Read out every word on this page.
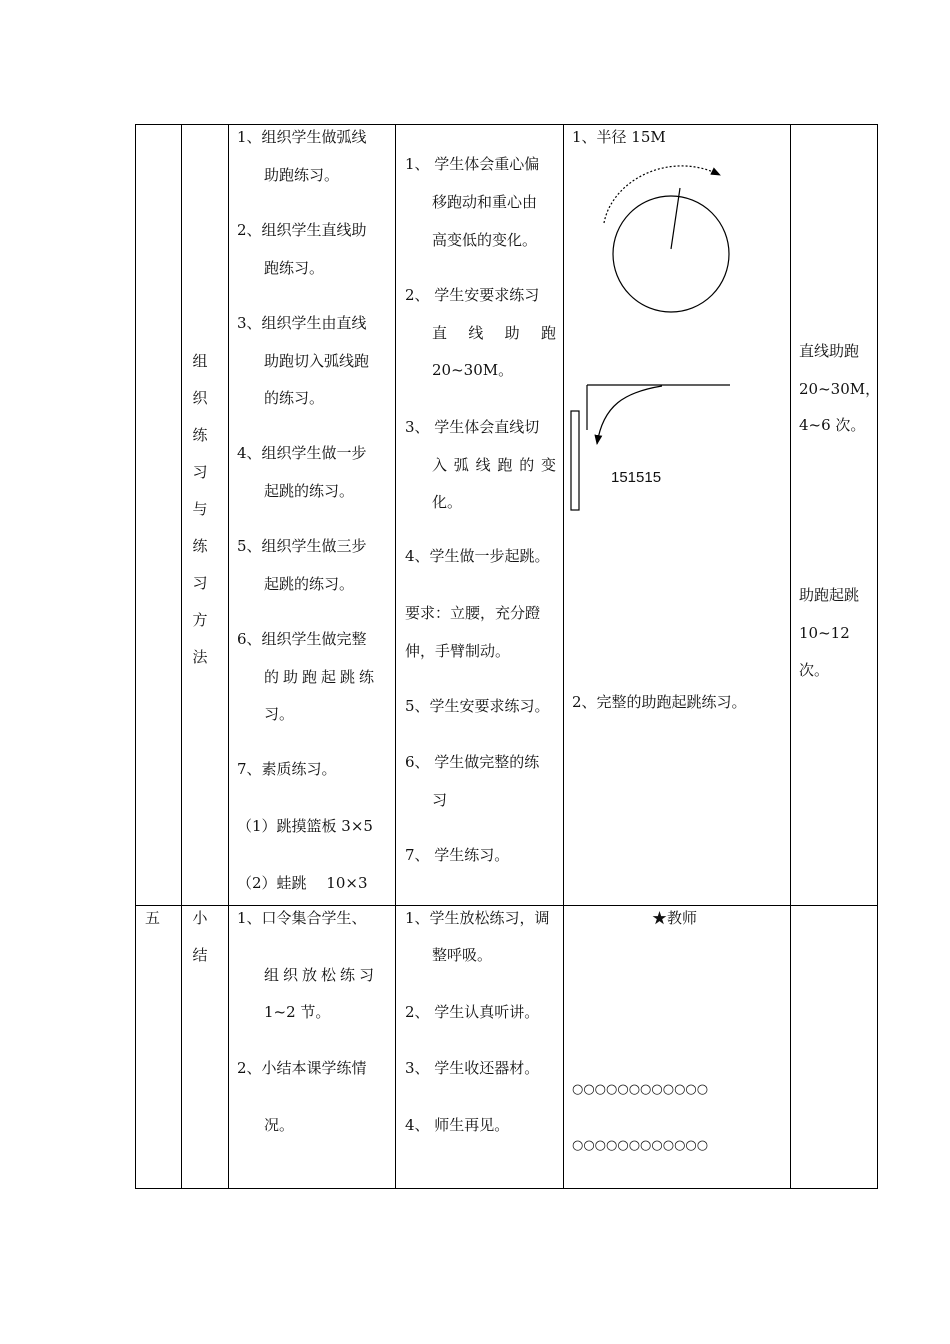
组
织
练
习
与
练
习
方
法
1、组织学生做弧线
助跑练习。
2、组织学生直线助
跑练习。
3、组织学生由直线
助跑切入弧线跑
的练习。
4、组织学生做一步
起跳的练习。
5、组织学生做三步
起跳的练习。
6、组织学生做完整
的助跑起跳练
习。
7、素质练习。
（1）跳摸篮板 3×5
（2）蛙跳　 10×3
1、 学生体会重心偏
移跑动和重心由
高变低的变化。
2、 学生安要求练习
直 线 助 跑
20~30M。
3、 学生体会直线切
入 弧 线 跑 的 变
化。
4、学生做一步起跳。
要求：立腰，充分蹬
伸，手臂制动。
5、学生安要求练习。
6、 学生做完整的练
习
7、 学生练习。
1、半径 15M
151515
2、完整的助跑起跳练习。
直线助跑
20~30M，
4~6 次。
助跑起跳
10~12
次。
五 小
结
1、口令集合学生、
组织放松练习
1~2 节。
2、小结本课学练情
况。
1、学生放松练习，调
整呼吸。
2、 学生认真听讲。
3、 学生收还器材。
4、 师生再见。
★教师
○○○○○○○○○○○○
○○○○○○○○○○○○
